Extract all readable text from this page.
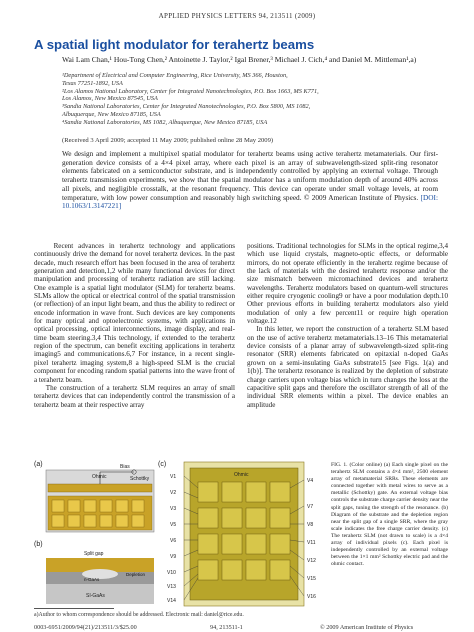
APPLIED PHYSICS LETTERS 94, 213511 (2009)
A spatial light modulator for terahertz beams
Wai Lam Chan,¹ Hou-Tong Chen,² Antoinette J. Taylor,² Igal Brener,³ Michael J. Cich,⁴ and Daniel M. Mittleman¹,a)
¹Department of Electrical and Computer Engineering, Rice University, MS 366, Houston,
Texas 77251-1892, USA
²Los Alamos National Laboratory, Center for Integrated Nanotechnologies, P.O. Box 1663, MS K771,
Los Alamos, New Mexico 87545, USA
³Sandia National Laboratories, Center for Integrated Nanotechnologies, P.O. Box 5800, MS 1082,
Albuquerque, New Mexico 87185, USA
⁴Sandia National Laboratories, MS 1082, Albuquerque, New Mexico 87185, USA
(Received 3 April 2009; accepted 11 May 2009; published online 28 May 2009)
We design and implement a multipixel spatial modulator for terahertz beams using active terahertz metamaterials. Our first-generation device consists of a 4×4 pixel array, where each pixel is an array of subwavelength-sized split-ring resonator elements fabricated on a semiconductor substrate, and is independently controlled by applying an external voltage. Through terahertz transmission experiments, we show that the spatial modulator has a uniform modulation depth of around 40% across all pixels, and negligible crosstalk, at the resonant frequency. This device can operate under small voltage levels, at room temperature, with low power consumption and reasonably high switching speed. © 2009 American Institute of Physics. [DOI: 10.1063/1.3147221]

Recent advances in terahertz technology and applications continuously drive the demand for novel terahertz devices. In the past decade, much research effort has been focused in the area of terahertz generation and detection,1,2 while many functional devices for direct manipulation and processing of terahertz radiation are still lacking. One example is a spatial light modulator (SLM) for terahertz beams. SLMs allow the optical or electrical control of the spatial transmission (or reflection) of an input light beam, and thus the ability to redirect or encode information in wave front. Such devices are key components for many optical and optoelectronic systems, with applications in optical processing, optical interconnections, image display, and real-time beam steering.3,4 This technology, if extended to the terahertz region of the spectrum, can benefit exciting applications in terahertz imaging5 and communications.6,7 For instance, in a recent single-pixel terahertz imaging system,8 a high-speed SLM is the crucial component for encoding random spatial patterns into the wave front of a terahertz beam.

The construction of a terahertz SLM requires an array of small terahertz devices that can independently control the transmission of a terahertz beam at their respective array

positions. Traditional technologies for SLMs in the optical regime,3,4 which use liquid crystals, magneto-optic effects, or deformable mirrors, do not operate efficiently in the terahertz regime because of the lack of materials with the desired terahertz response and/or the size mismatch between micromachined devices and terahertz wavelengths. Terahertz modulators based on quantum-well structures either require cryogenic cooling9 or have a poor modulation depth.10 Other previous efforts in building terahertz modulators also yield modulation of only a few percent11 or require high operation voltage.12

In this letter, we report the construction of a terahertz SLM based on the use of active terahertz metamaterials.13–16 This metamaterial device consists of a planar array of subwavelength-sized split-ring resonator (SRR) elements fabricated on epitaxial n-doped GaAs grown on a semi-insulating GaAs substrate15 [see Figs. 1(a) and 1(b)]. The terahertz resonance is realized by the depletion of substrate charge carriers upon voltage bias which in turn changes the loss at the capacitive split gaps and therefore the oscillator strength of all of the individual SRR elements within a pixel. The device enables an amplitude

(a)
Ohmic
Bias
Schottky
(b)
Split gap
Depletion
n-GaAs
SI-GaAs
(c)
Ohmic
V1
V2
V3
V5
V6
V9
V10
V13
V14
V4
V7
V8
V11
V12
V15
V16
FIG. 1. (Color online) (a) Each single pixel on the terahertz SLM contains a 4×4 mm², 2500 element array of metamaterial SRRs. These elements are connected together with metal wires to serve as a metallic (Schottky) gate. An external voltage bias controls the substrate charge carrier density near the split gaps, tuning the strength of the resonance. (b) Diagram of the substrate and the depletion region near the split gap of a single SRR, where the gray scale indicates the free charge carrier density. (c) The terahertz SLM (not drawn to scale) is a 4×4 array of individual pixels (c). Each pixel is independently controlled by an external voltage between the 1×1 mm² Schottky electric pad and the ohmic contact.
a)Author to whom correspondence should be addressed. Electronic mail: daniel@rice.edu.
0003-6951/2009/94(21)/213511/3/$25.00	94, 213511-1	© 2009 American Institute of Physics
